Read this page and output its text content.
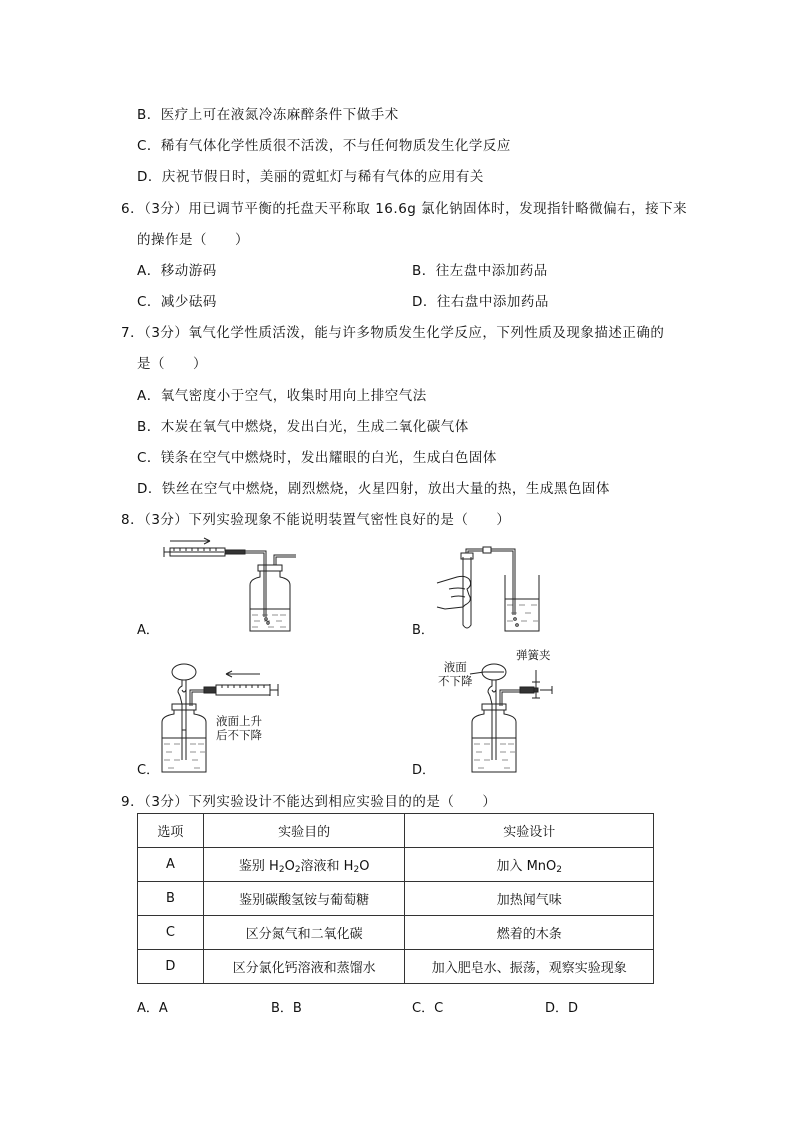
B．医疗上可在液氮冷冻麻醉条件下做手术
C．稀有气体化学性质很不活泼，不与任何物质发生化学反应
D．庆祝节假日时，美丽的霓虹灯与稀有气体的应用有关
6．（3分）用已调节平衡的托盘天平称取 16.6g 氯化钠固体时，发现指针略微偏右，接下来
的操作是（　　）
A．移动游码	B．往左盘中添加药品
C．减少砝码	D．往右盘中添加药品
7．（3分）氧气化学性质活泼，能与许多物质发生化学反应，下列性质及现象描述正确的
是（　　）
A．氧气密度小于空气，收集时用向上排空气法
B．木炭在氧气中燃烧，发出白光，生成二氧化碳气体
C．镁条在空气中燃烧时，发出耀眼的白光，生成白色固体
D．铁丝在空气中燃烧，剧烈燃烧，火星四射，放出大量的热，生成黑色固体
8．（3分）下列实验现象不能说明装置气密性良好的是（　　）
A．	B．
液面上升
后不下降
C．
液面
不下降
弹簧夹
D．
9．（3分）下列实验设计不能达到相应实验目的的是（　　）
选项	实验目的	实验设计
A	鉴别 $H_2O_2$溶液和 $H_2O$	加入 MnO$_2$
B	鉴别碳酸氢铵与葡萄糖	加热闻气味
C	区分氮气和二氧化碳	燃着的木条
D	区分氯化钙溶液和蒸馏水	加入肥皂水、振荡，观察实验现象
A．A	B．B	C．C	D．D
